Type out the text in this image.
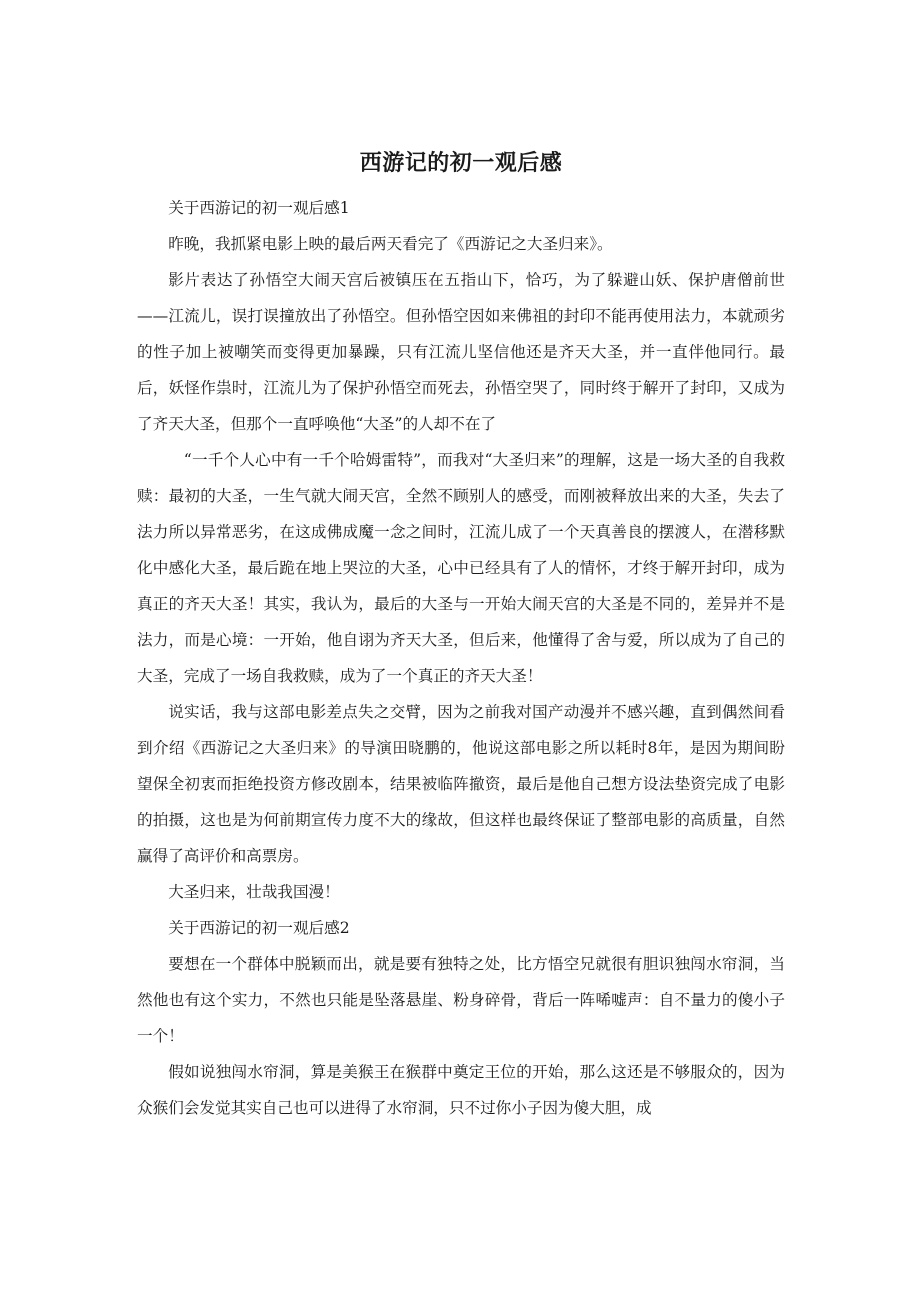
西游记的初一观后感

关于西游记的初一观后感1

昨晚，我抓紧电影上映的最后两天看完了《西游记之大圣归来》。

影片表达了孙悟空大闹天宫后被镇压在五指山下，恰巧，为了躲避山妖、保护唐僧前世——江流儿，误打误撞放出了孙悟空。但孙悟空因如来佛祖的封印不能再使用法力，本就顽劣的性子加上被嘲笑而变得更加暴躁，只有江流儿坚信他还是齐天大圣，并一直伴他同行。最后，妖怪作祟时，江流儿为了保护孙悟空而死去，孙悟空哭了，同时终于解开了封印，又成为了齐天大圣，但那个一直呼唤他“大圣”的人却不在了

“一千个人心中有一千个哈姆雷特”，而我对“大圣归来”的理解，这是一场大圣的自我救赎：最初的大圣，一生气就大闹天宫，全然不顾别人的感受，而刚被释放出来的大圣，失去了法力所以异常恶劣，在这成佛成魔一念之间时，江流儿成了一个天真善良的摆渡人，在潜移默化中感化大圣，最后跪在地上哭泣的大圣，心中已经具有了人的情怀，才终于解开封印，成为真正的齐天大圣！其实，我认为，最后的大圣与一开始大闹天宫的大圣是不同的，差异并不是法力，而是心境：一开始，他自诩为齐天大圣，但后来，他懂得了舍与爱，所以成为了自己的大圣，完成了一场自我救赎，成为了一个真正的齐天大圣！

说实话，我与这部电影差点失之交臂，因为之前我对国产动漫并不感兴趣，直到偶然间看到介绍《西游记之大圣归来》的导演田晓鹏的，他说这部电影之所以耗时8年，是因为期间盼望保全初衷而拒绝投资方修改剧本，结果被临阵撤资，最后是他自己想方设法垫资完成了电影的拍摄，这也是为何前期宣传力度不大的缘故，但这样也最终保证了整部电影的高质量，自然赢得了高评价和高票房。

大圣归来，壮哉我国漫！

关于西游记的初一观后感2

要想在一个群体中脱颖而出，就是要有独特之处，比方悟空兄就很有胆识独闯水帘洞，当然他也有这个实力，不然也只能是坠落悬崖、粉身碎骨，背后一阵唏嘘声：自不量力的傻小子一个！

假如说独闯水帘洞，算是美猴王在猴群中奠定王位的开始，那么这还是不够服众的，因为众猴们会发觉其实自己也可以进得了水帘洞，只不过你小子因为傻大胆，成
